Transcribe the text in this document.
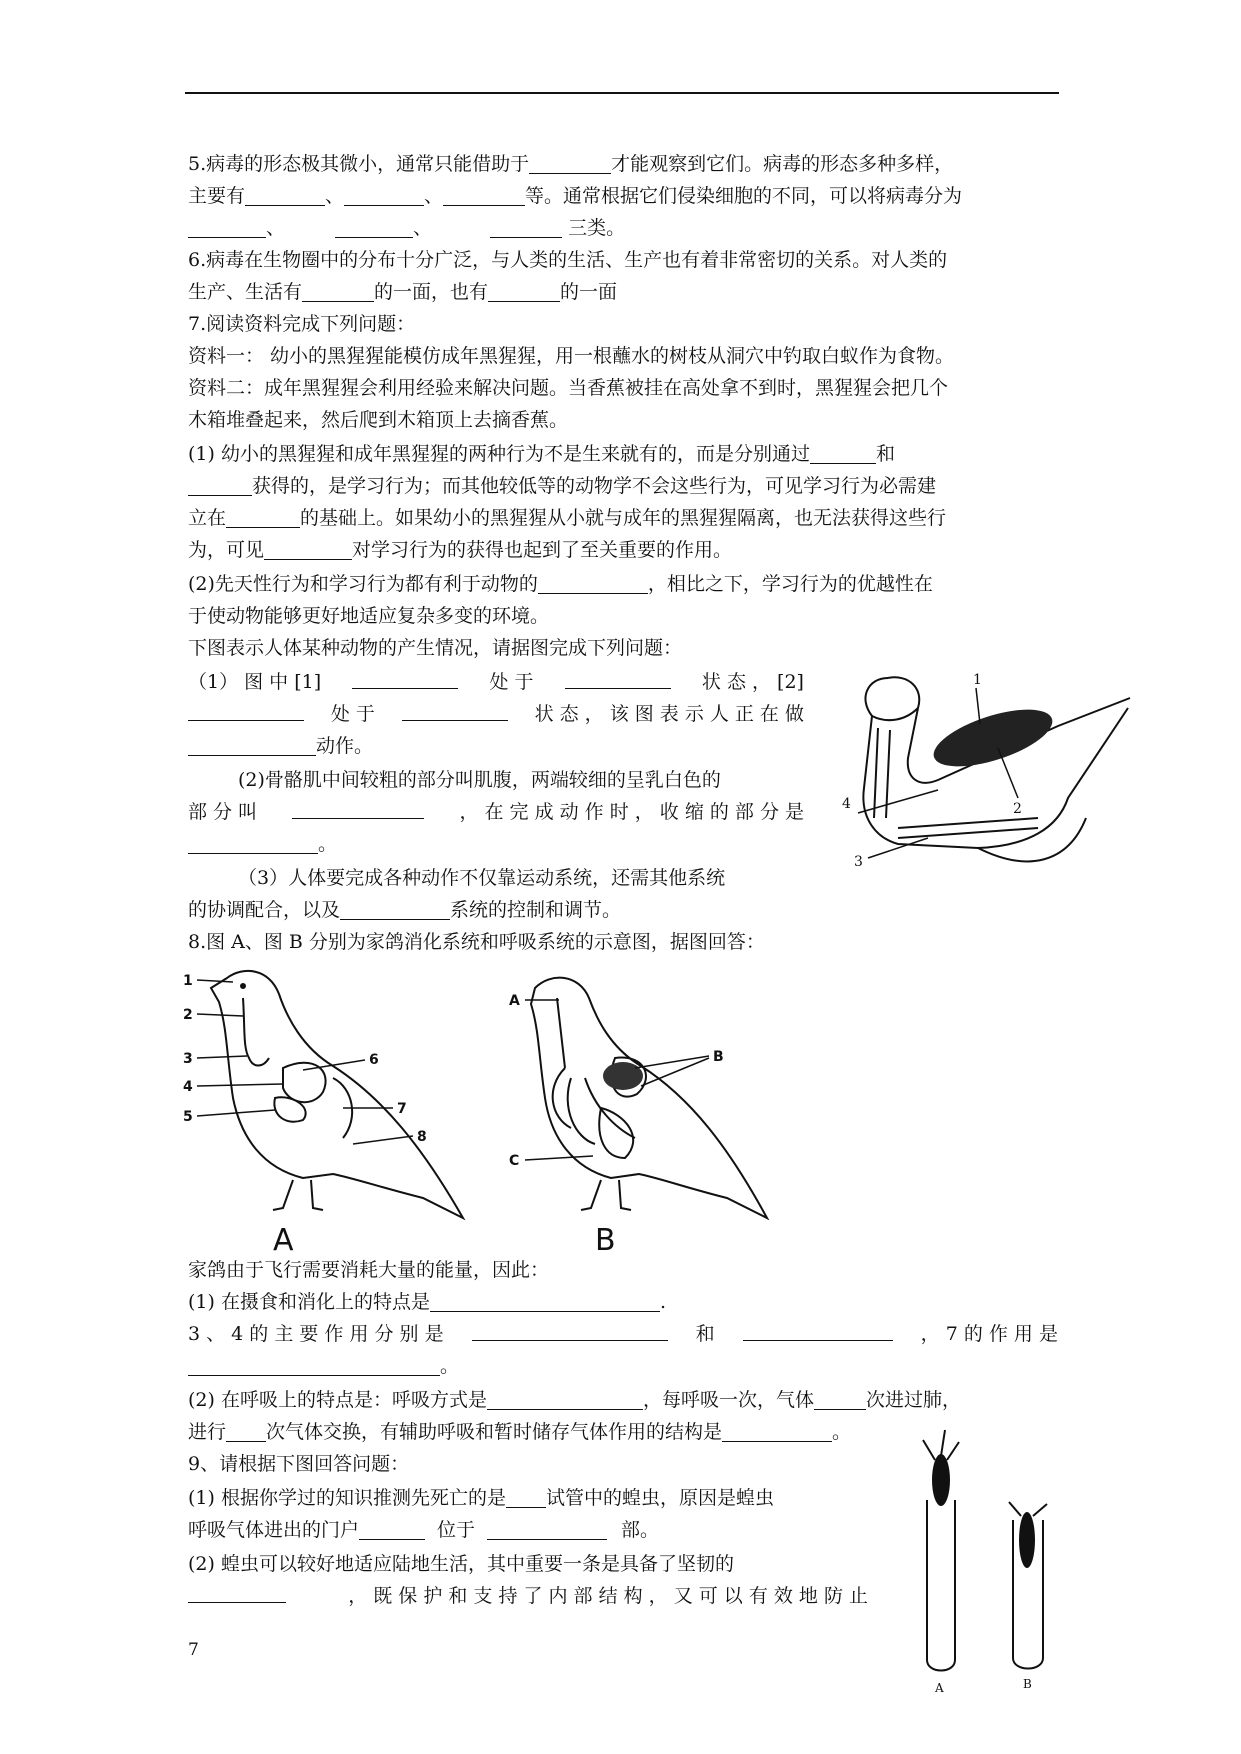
5.病毒的形态极其微小，通常只能借助于	才能观察到它们。病毒的形态多种多样，
主要有	、	、	等。通常根据它们侵染细胞的不同，可以将病毒分为
、	、	三类。
6.病毒在生物圈中的分布十分广泛，与人类的生活、生产也有着非常密切的关系。对人类的
生产、生活有	的一面，也有	的一面
7.阅读资料完成下列问题：
资料一： 幼小的黑猩猩能模仿成年黑猩猩，用一根蘸水的树枝从洞穴中钓取白蚁作为食物。
资料二：成年黑猩猩会利用经验来解决问题。当香蕉被挂在高处拿不到时，黑猩猩会把几个
木箱堆叠起来，然后爬到木箱顶上去摘香蕉。
(1) 幼小的黑猩猩和成年黑猩猩的两种行为不是生来就有的，而是分别通过	和
获得的，是学习行为；而其他较低等的动物学不会这些行为，可见学习行为必需建
立在	的基础上。如果幼小的黑猩猩从小就与成年的黑猩猩隔离，也无法获得这些行
为，可见	对学习行为的获得也起到了至关重要的作用。
(2)先天性行为和学习行为都有利于动物的	，相比之下，学习行为的优越性在
于使动物能够更好地适应复杂多变的环境。
下图表示人体某种动物的产生情况，请据图完成下列问题：
（1） 图 中 [1]	处 于	状 态 ， [2]
处 于	状 态 ， 该 图 表 示 人 正 在 做
动作。
(2)骨骼肌中间较粗的部分叫肌腹，两端较细的呈乳白色的
部 分 叫	， 在 完 成 动 作 时 ， 收 缩 的 部 分 是
。
（3）人体要完成各种动作不仅靠运动系统，还需其他系统
的协调配合，以及	系统的控制和调节。
8.图 A、图 B 分别为家鸽消化系统和呼吸系统的示意图，据图回答：
家鸽由于飞行需要消耗大量的能量，因此：
(1) 在摄食和消化上的特点是	.
3 、 4 的 主 要 作 用 分 别 是	和	， 7 的 作 用 是
。
(2) 在呼吸上的特点是：呼吸方式是	，每呼吸一次，气体	次进过肺，
进行 次气体交换，有辅助呼吸和暂时储存气体作用的结构是	。
9、请根据下图回答问题：
(1) 根据你学过的知识推测先死亡的是 试管中的蝗虫，原因是蝗虫
呼吸气体进出的门户	位于	部。
(2) 蝗虫可以较好地适应陆地生活，其中重要一条是具备了坚韧的
， 既 保 护 和 支 持 了 内 部 结 构 ， 又 可 以 有 效 地 防 止
1
2
3
4
1
2
3
4
5
6
7
8
A
A
B
C
B
A	B
7
